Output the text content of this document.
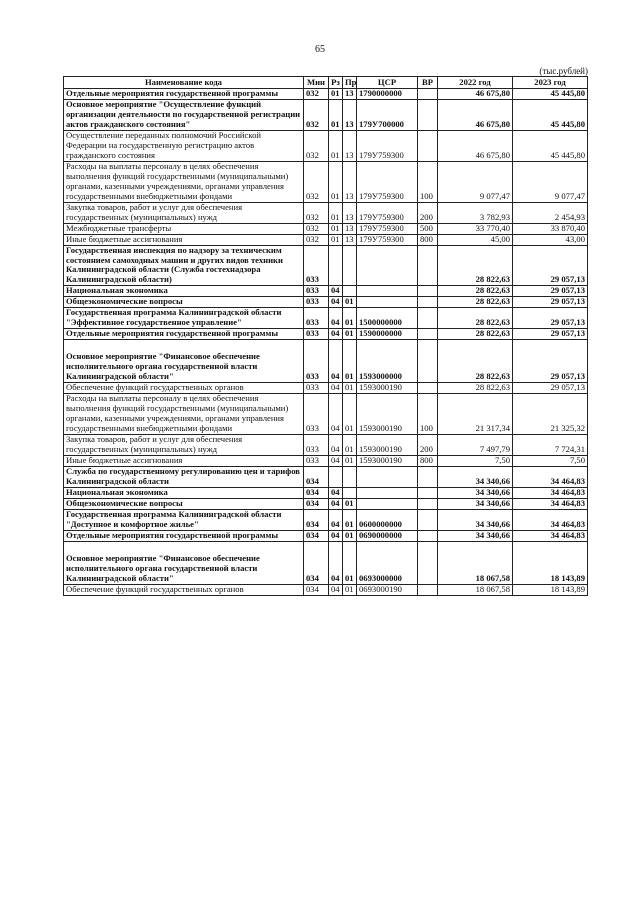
65
(тыс.рублей)
Наименование кода	Мин	Рз	Пр	ЦСР	ВР	2022 год	2023 год
Отдельные мероприятия государственной программы	032	01	13	1790000000		46 675,80	45 445,80
Основное мероприятие "Осуществление функций организации деятельности по государственной регистрации актов гражданского состояния"	032	01	13	179У700000		46 675,80	45 445,80
Осуществление переданных полномочий Российской Федерации на государственную регистрацию актов гражданского состояния	032	01	13	179У759300		46 675,80	45 445,80
Расходы на выплаты персоналу в целях обеспечения выполнения функций государственными (муниципальными) органами, казенными учреждениями, органами управления государственными внебюджетными фондами	032	01	13	179У759300	100	9 077,47	9 077,47
Закупка товаров, работ и услуг для обеспечения государственных (муниципальных) нужд	032	01	13	179У759300	200	3 782,93	2 454,93
Межбюджетные трансферты	032	01	13	179У759300	500	33 770,40	33 870,40
Иные бюджетные ассигнования	032	01	13	179У759300	800	45,00	43,00
Государственная инспекция по надзору за техническим состоянием самоходных машин и других видов техники Калининградской области (Служба гостехнадзора Калининградской области)	033					28 822,63	29 057,13
Национальная экономика	033	04				28 822,63	29 057,13
Общеэкономические вопросы	033	04	01			28 822,63	29 057,13
Государственная программа Калининградской области "Эффективное государственное управление"	033	04	01	1500000000		28 822,63	29 057,13
Отдельные мероприятия государственной программы	033	04	01	1590000000		28 822,63	29 057,13
Основное мероприятие "Финансовое обеспечение исполнительного органа государственной власти Калининградской области"	033	04	01	1593000000		28 822,63	29 057,13
Обеспечение функций государственных органов	033	04	01	1593000190		28 822,63	29 057,13
Расходы на выплаты персоналу в целях обеспечения выполнения функций государственными (муниципальными) органами, казенными учреждениями, органами управления государственными внебюджетными фондами	033	04	01	1593000190	100	21 317,34	21 325,32
Закупка товаров, работ и услуг для обеспечения государственных (муниципальных) нужд	033	04	01	1593000190	200	7 497,79	7 724,31
Иные бюджетные ассигнования	033	04	01	1593000190	800	7,50	7,50
Служба по государственному регулированию цен и тарифов Калининградской области	034					34 340,66	34 464,83
Национальная экономика	034	04				34 340,66	34 464,83
Общеэкономические вопросы	034	04	01			34 340,66	34 464,83
Государственная программа Калининградской области "Доступное и комфортное жилье"	034	04	01	0600000000		34 340,66	34 464,83
Отдельные мероприятия государственной программы	034	04	01	0690000000		34 340,66	34 464,83
Основное мероприятие "Финансовое обеспечение исполнительного органа государственной власти Калининградской области"	034	04	01	0693000000		18 067,58	18 143,89
Обеспечение функций государственных органов	034	04	01	0693000190		18 067,58	18 143,89
